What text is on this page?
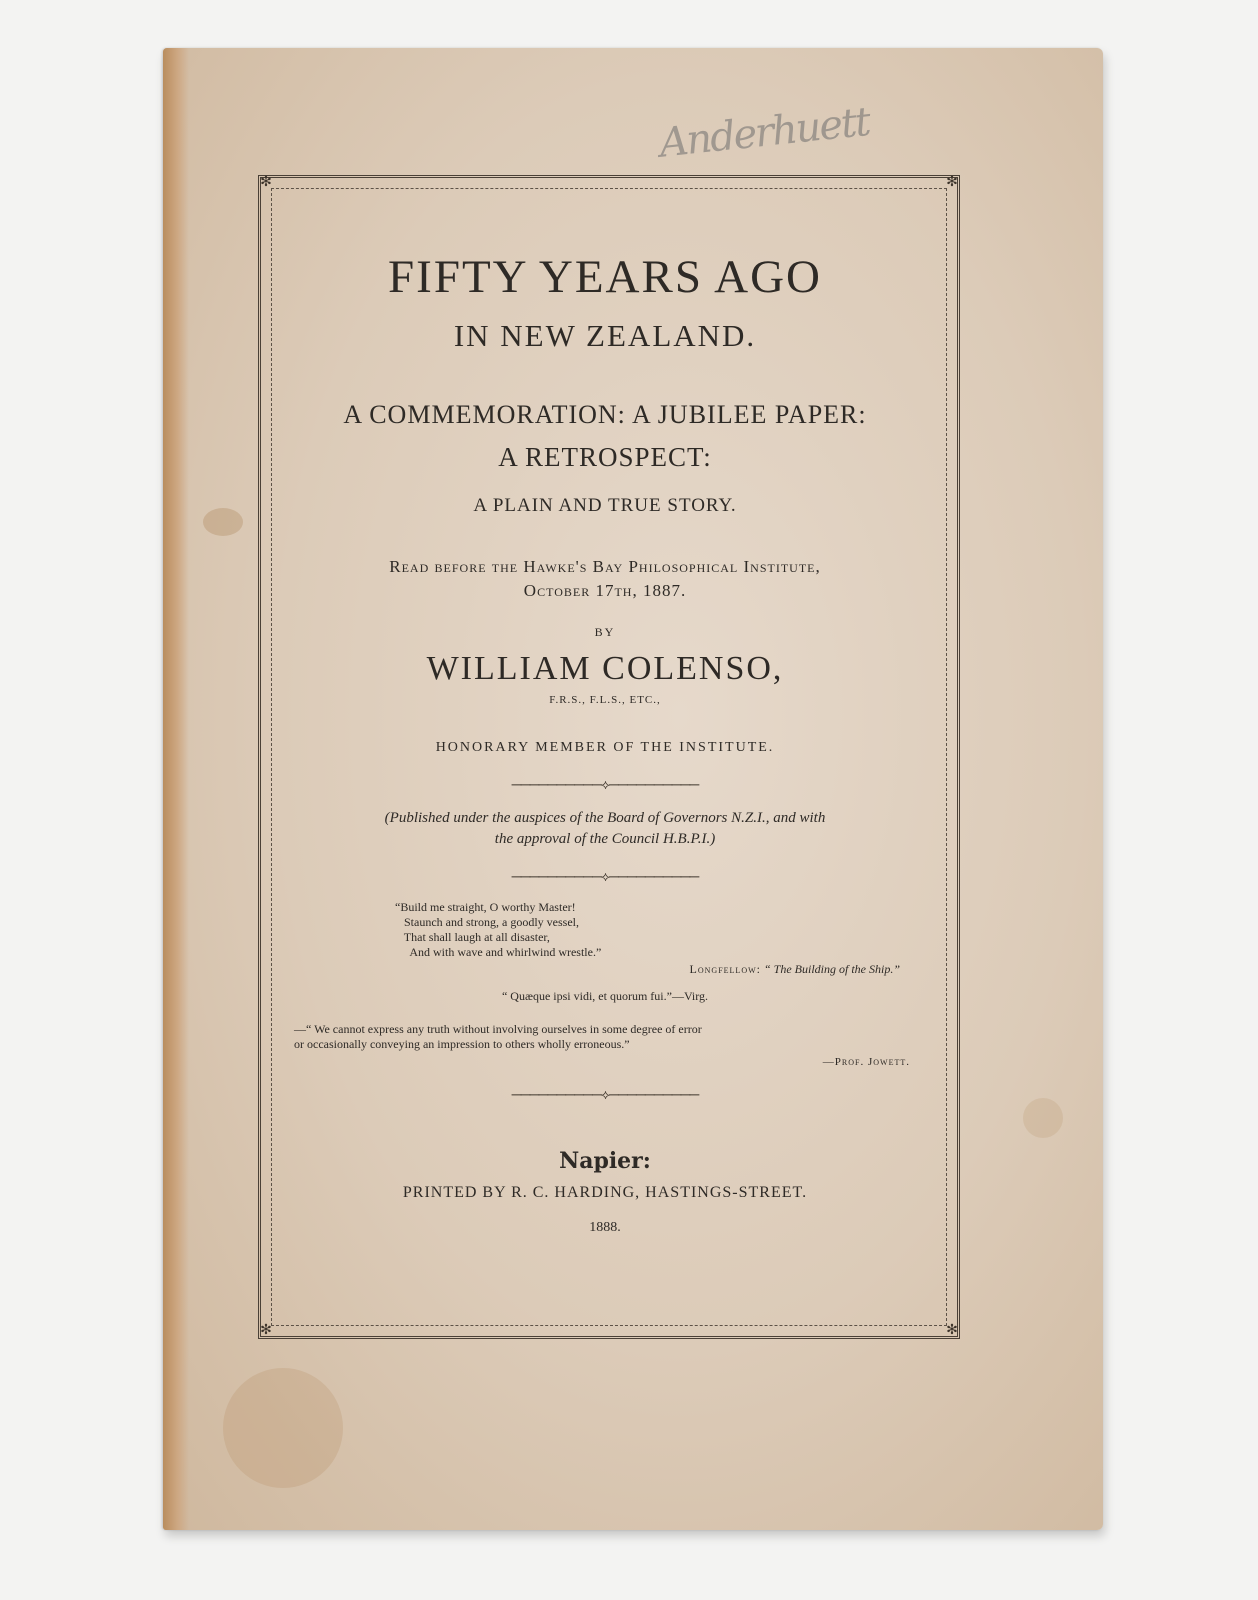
Anderhuett
✻	✻
✻	✻
FIFTY YEARS AGO
IN NEW ZEALAND.
A COMMEMORATION: A JUBILEE PAPER:
A RETROSPECT:
A PLAIN AND TRUE STORY.
Read before the Hawke's Bay Philosophical Institute,
October 17th, 1887.
BY
WILLIAM COLENSO,
F.R.S., F.L.S., ETC.,
HONORARY MEMBER OF THE INSTITUTE.
──────────⟡──────────
(Published under the auspices of the Board of Governors N.Z.I., and with
the approval of the Council H.B.P.I.)
──────────⟡──────────
“Build me straight, O worthy Master!
Staunch and strong, a goodly vessel,
That shall laugh at all disaster,
And with wave and whirlwind wrestle.”
Longfellow: “ The Building of the Ship.”
“ Quæque ipsi vidi, et quorum fui.”—Virg.
—“ We cannot express any truth without involving ourselves in some degree of error
or occasionally conveying an impression to others wholly erroneous.”
—Prof. Jowett.
──────────⟡──────────
Napier:
PRINTED BY R. C. HARDING, HASTINGS-STREET.
1888.
